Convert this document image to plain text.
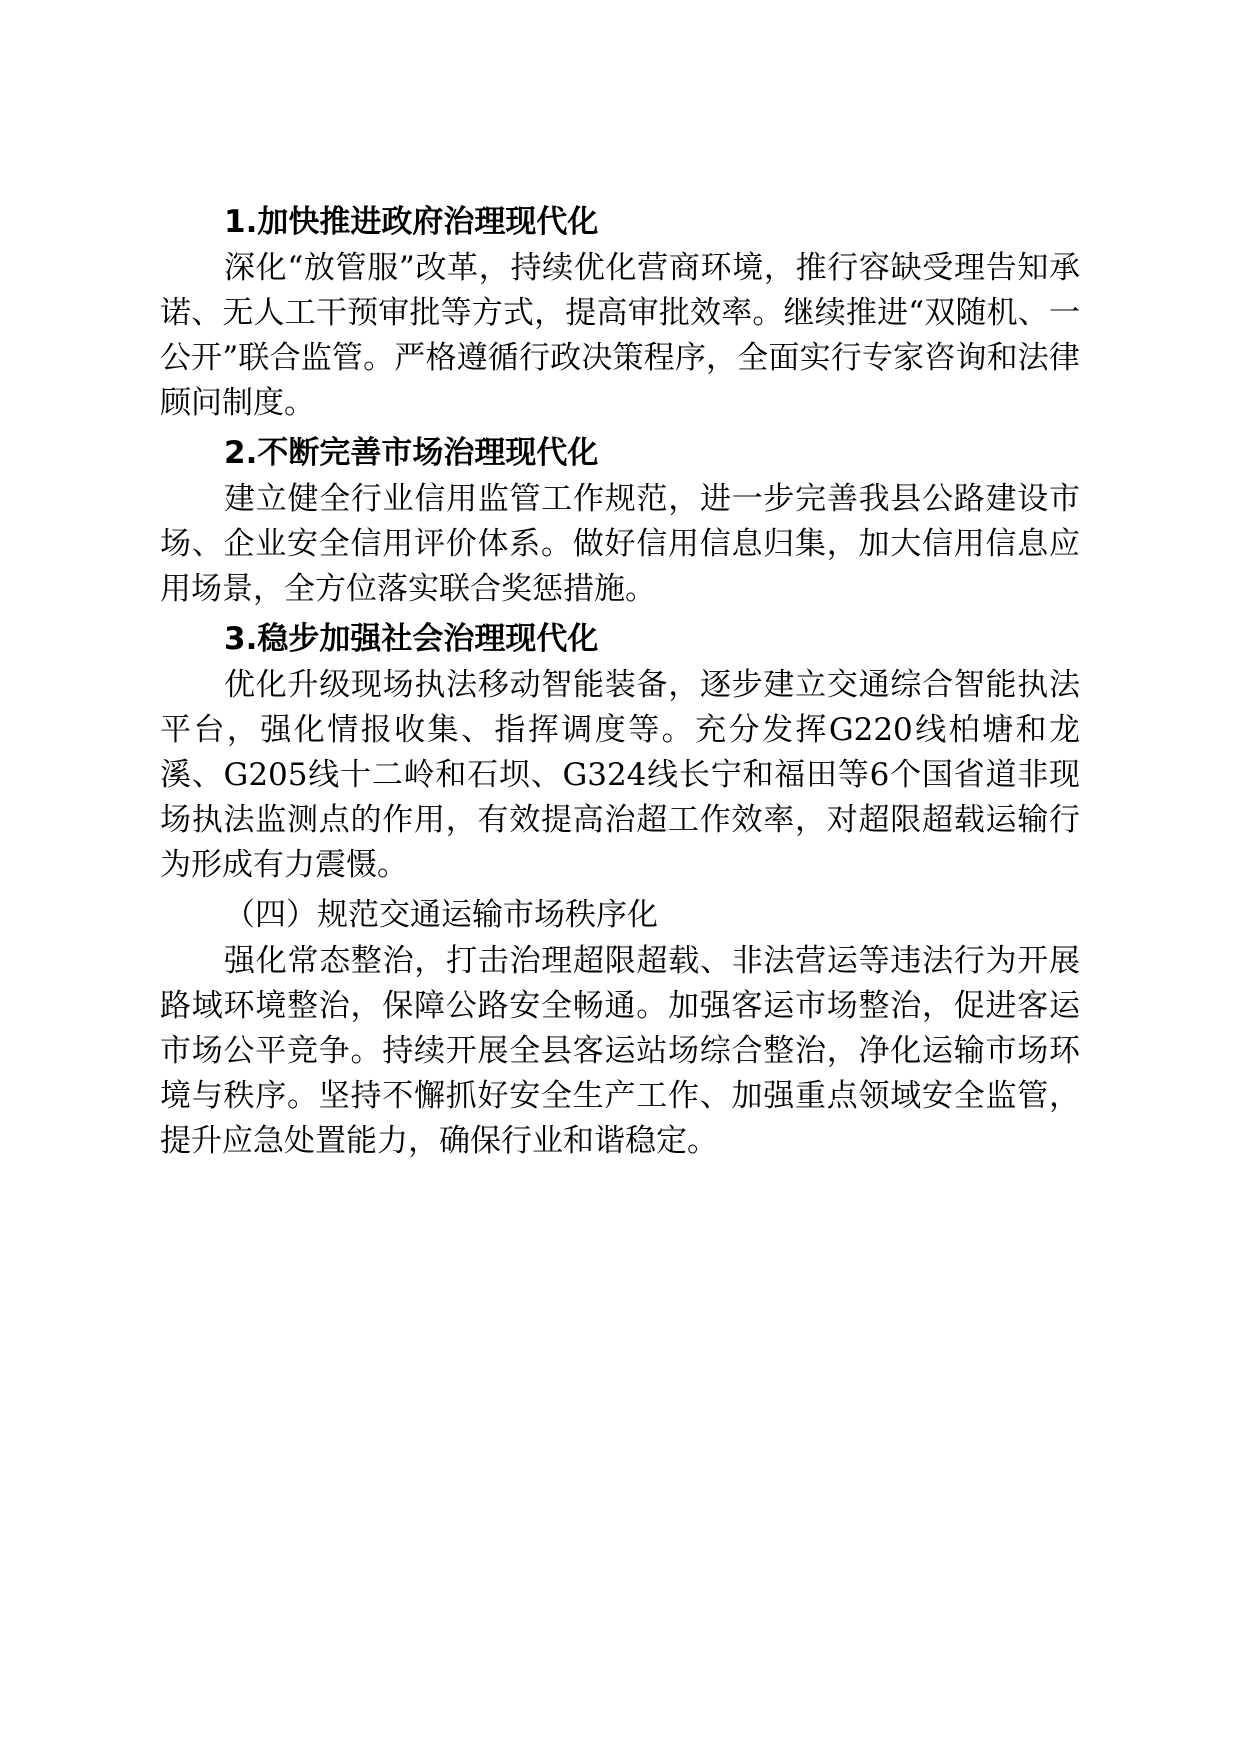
1.加快推进政府治理现代化

深化“放管服”改革，持续优化营商环境，推行容缺受理告知承诺、无人工干预审批等方式，提高审批效率。继续推进“双随机、一公开”联合监管。严格遵循行政决策程序，全面实行专家咨询和法律顾问制度。

2.不断完善市场治理现代化

建立健全行业信用监管工作规范，进一步完善我县公路建设市场、企业安全信用评价体系。做好信用信息归集，加大信用信息应用场景，全方位落实联合奖惩措施。

3.稳步加强社会治理现代化

优化升级现场执法移动智能装备，逐步建立交通综合智能执法平台，强化情报收集、指挥调度等。充分发挥G220线柏塘和龙溪、G205线十二岭和石坝、G324线长宁和福田等6个国省道非现场执法监测点的作用，有效提高治超工作效率，对超限超载运输行为形成有力震慑。

（四）规范交通运输市场秩序化

强化常态整治，打击治理超限超载、非法营运等违法行为开展路域环境整治，保障公路安全畅通。加强客运市场整治，促进客运市场公平竞争。持续开展全县客运站场综合整治，净化运输市场环境与秩序。坚持不懈抓好安全生产工作、加强重点领域安全监管，提升应急处置能力，确保行业和谐稳定。
